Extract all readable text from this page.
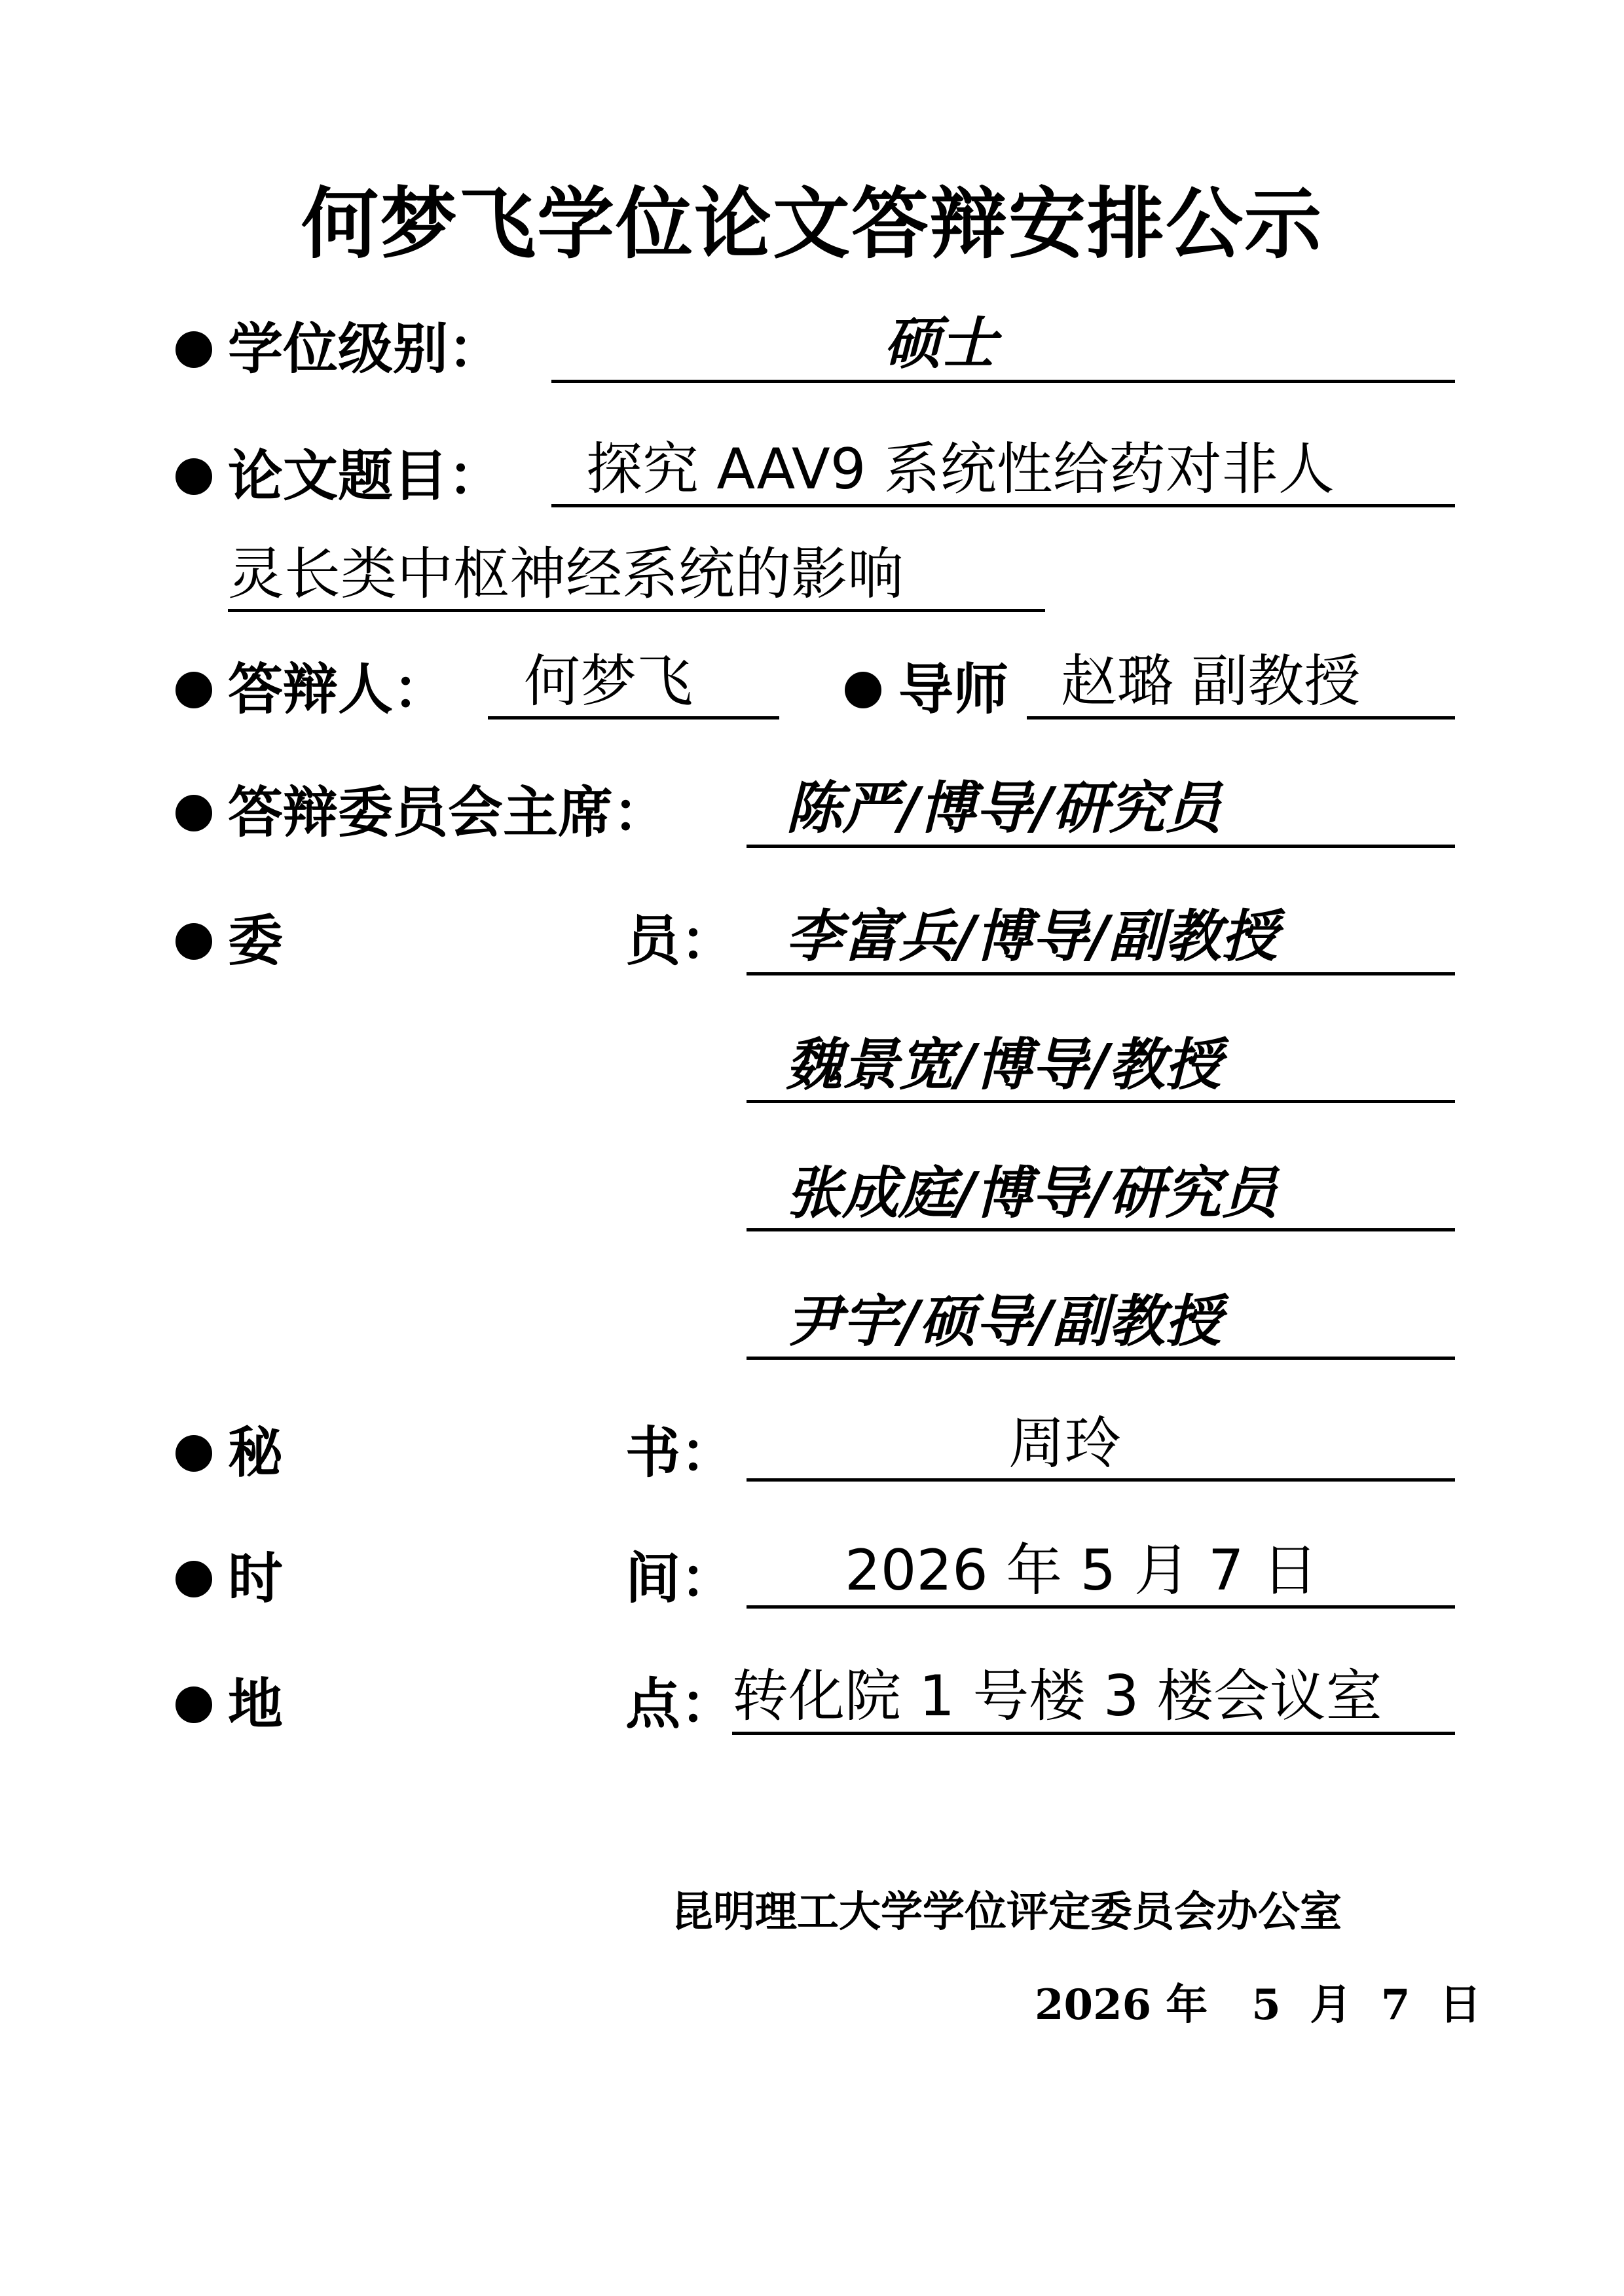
何梦飞学位论文答辩安排公示
学位级别：	硕士
论文题目： 探究 AAV9 系统性给药对非人
灵长类中枢神经系统的影响
答辩人： 何梦飞	导师 赵璐 副教授
答辩委员会主席： 陈严/博导/研究员
委	员： 李富兵/博导/副教授
魏景宽/博导/教授
张成庭/博导/研究员
尹宇/硕导/副教授
秘	书：	周玲
时	间： 2026 年 5 月 7 日
地	点：
转化院 1 号楼 3 楼会议室
昆明理工大学学位评定委员会办公室
2026 年   5  月  7  日
